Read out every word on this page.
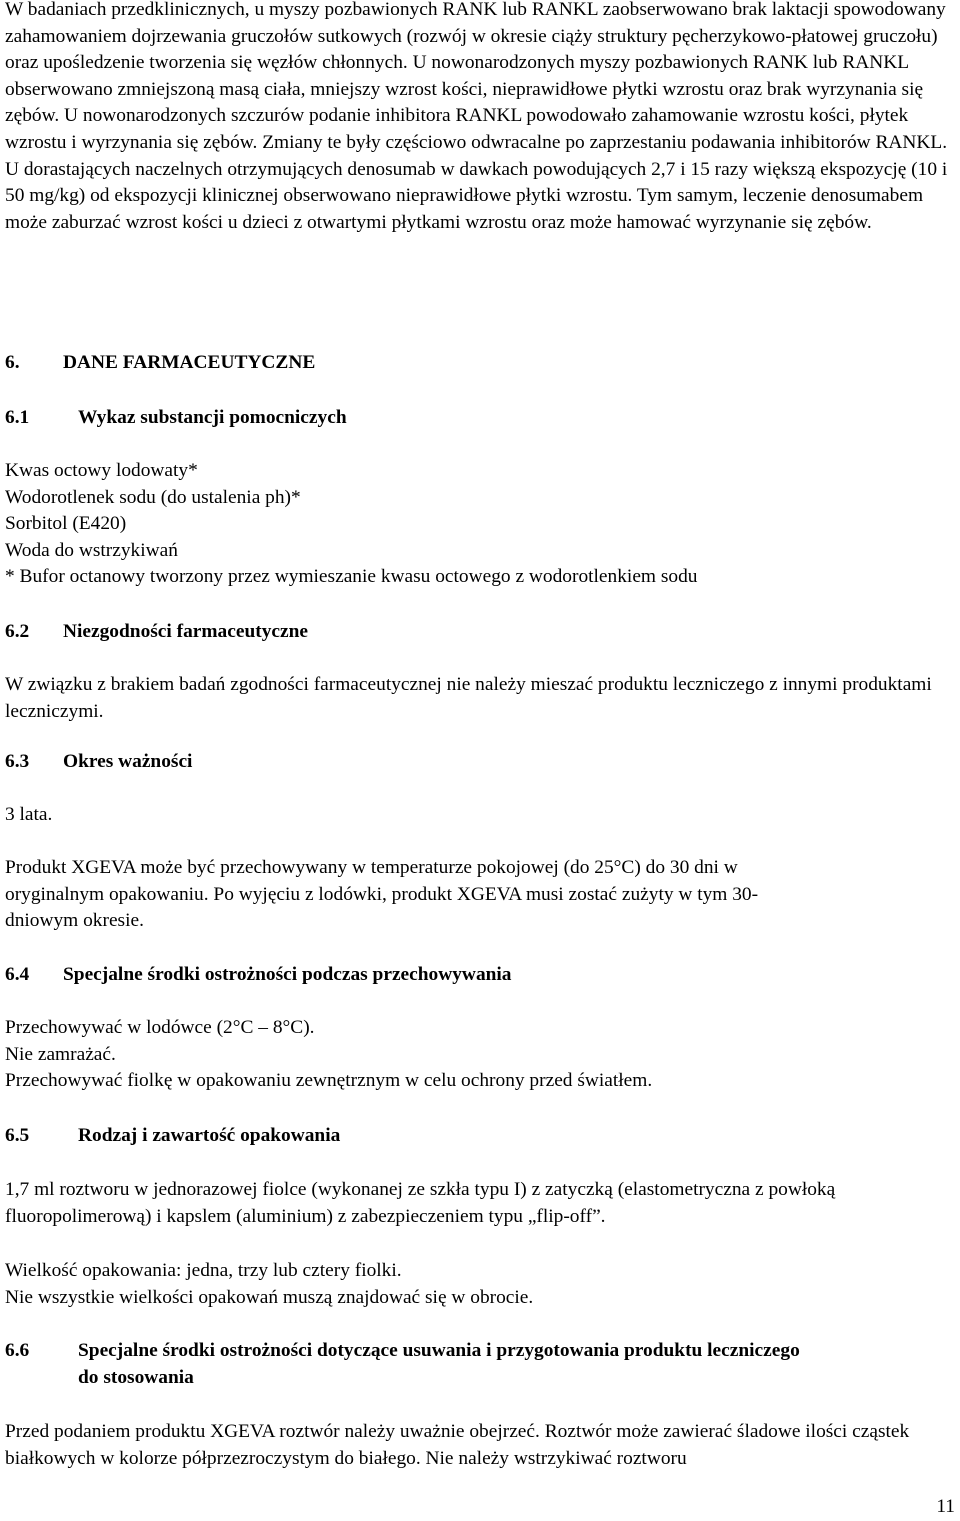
W badaniach przedklinicznych, u myszy pozbawionych RANK lub RANKL zaobserwowano brak laktacji spowodowany zahamowaniem dojrzewania gruczołów sutkowych (rozwój w okresie ciąży struktury pęcherzykowo-płatowej gruczołu) oraz upośledzenie tworzenia się węzłów chłonnych. U nowonarodzonych myszy pozbawionych RANK lub RANKL obserwowano zmniejszoną masą ciała, mniejszy wzrost kości, nieprawidłowe płytki wzrostu oraz brak wyrzynania się zębów. U nowonarodzonych szczurów podanie inhibitora RANKL powodowało zahamowanie wzrostu kości, płytek wzrostu i wyrzynania się zębów. Zmiany te były częściowo odwracalne po zaprzestaniu podawania inhibitorów RANKL. U dorastających naczelnych otrzymujących denosumab w dawkach powodujących 2,7 i 15 razy większą ekspozycję (10 i 50 mg/kg) od ekspozycji klinicznej obserwowano nieprawidłowe płytki wzrostu. Tym samym, leczenie denosumabem może zaburzać wzrost kości u dzieci z otwartymi płytkami wzrostu oraz może hamować wyrzynanie się zębów.

6. DANE FARMACEUTYCZNE
6.1	Wykaz substancji pomocniczych

Kwas octowy lodowaty*

Wodorotlenek sodu (do ustalenia ph)*

Sorbitol (E420)

Woda do wstrzykiwań

* Bufor octanowy tworzony przez wymieszanie kwasu octowego z wodorotlenkiem sodu

6.2	Niezgodności farmaceutyczne

W związku z brakiem badań zgodności farmaceutycznej nie należy mieszać produktu leczniczego z innymi produktami leczniczymi.

6.3	Okres ważności

3 lata.

Produkt XGEVA może być przechowywany w temperaturze pokojowej (do 25°C) do 30 dni w

oryginalnym opakowaniu. Po wyjęciu z lodówki, produkt XGEVA musi zostać zużyty w tym 30-

dniowym okresie.

6.4	Specjalne środki ostrożności podczas przechowywania

Przechowywać w lodówce (2°C – 8°C).

Nie zamrażać.

Przechowywać fiolkę w opakowaniu zewnętrznym w celu ochrony przed światłem.

6.5	Rodzaj i zawartość opakowania

1,7 ml roztworu w jednorazowej fiolce (wykonanej ze szkła typu I) z zatyczką (elastometryczna z powłoką fluoropolimerową) i kapslem (aluminium) z zabezpieczeniem typu „flip-off”.

Wielkość opakowania: jedna, trzy lub cztery fiolki.

Nie wszystkie wielkości opakowań muszą znajdować się w obrocie.

6.6	Specjalne środki ostrożności dotyczące usuwania i przygotowania produktu leczniczego
do stosowania

Przed podaniem produktu XGEVA roztwór należy uważnie obejrzeć. Roztwór może zawierać śladowe ilości cząstek białkowych w kolorze półprzezroczystym do białego. Nie należy wstrzykiwać roztworu

11
